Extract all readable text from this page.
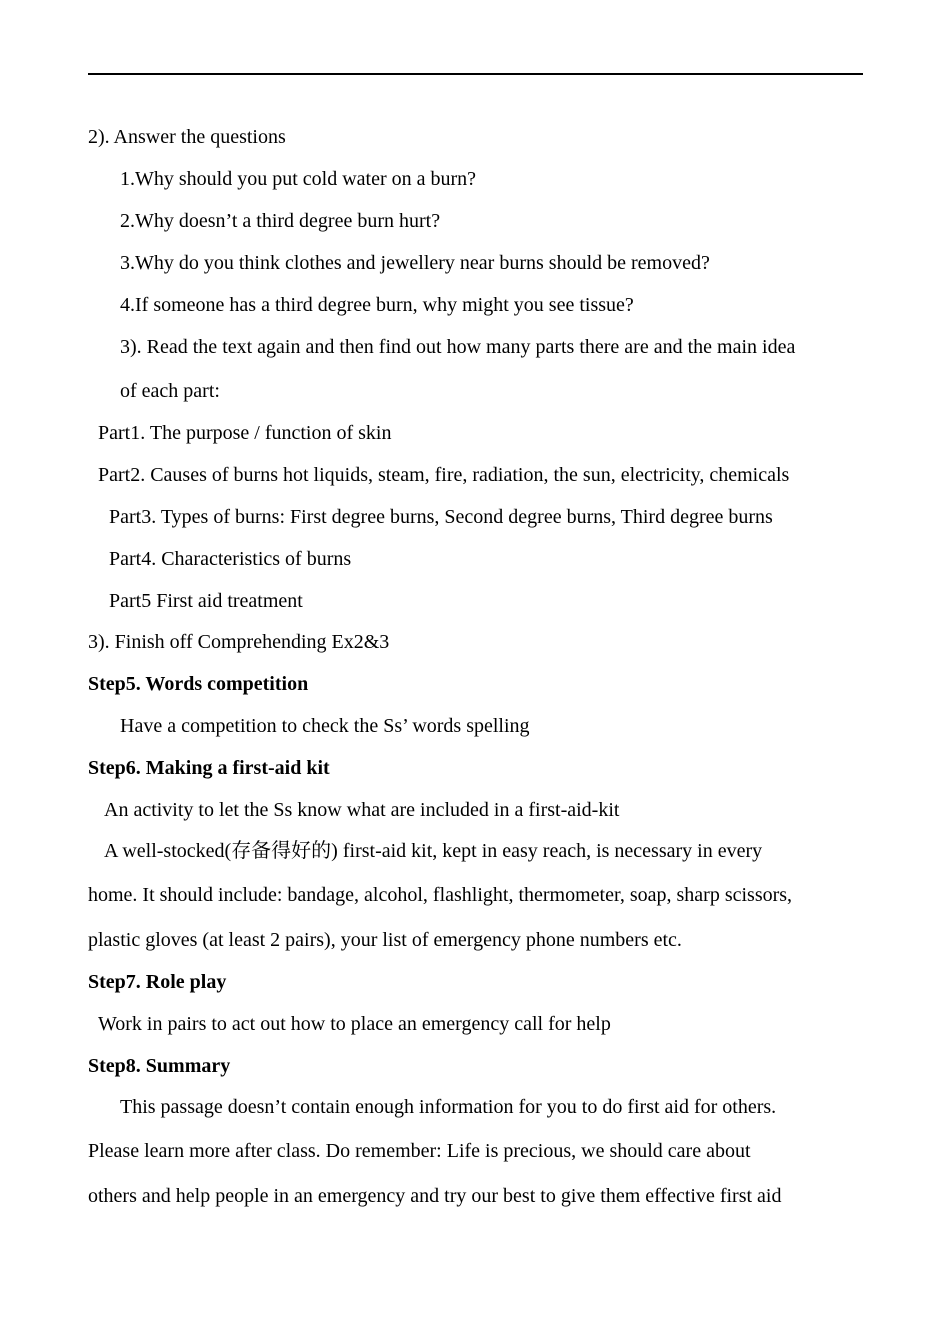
2). Answer the questions
1.Why should you put cold water on a burn?
2.Why doesn’t a third degree burn hurt?
3.Why do you think clothes and jewellery near burns should be removed?
4.If someone has a third degree burn, why might you see tissue?
3). Read the text again and then find out how many parts there are and the main idea
of each part:
Part1. The purpose / function of skin
Part2. Causes of burns hot liquids, steam, fire, radiation, the sun, electricity, chemicals
Part3. Types of burns: First degree burns, Second degree burns, Third degree burns
Part4. Characteristics of burns
Part5 First aid treatment
3). Finish off Comprehending Ex2&3
Step5. Words competition
Have a competition to check the Ss’ words spelling
Step6. Making a first-aid kit
An activity to let the Ss know what are included in a first-aid-kit
A well-stocked(存备得好的) first-aid kit, kept in easy reach, is necessary in every
home. It should include: bandage, alcohol, flashlight, thermometer, soap, sharp scissors,
plastic gloves (at least 2 pairs), your list of emergency phone numbers etc.
Step7. Role play
Work in pairs to act out how to place an emergency call for help
Step8. Summary
This passage doesn’t contain enough information for you to do first aid for others.
Please learn more after class. Do remember: Life is precious, we should care about
others and help people in an emergency and try our best to give them effective first aid
